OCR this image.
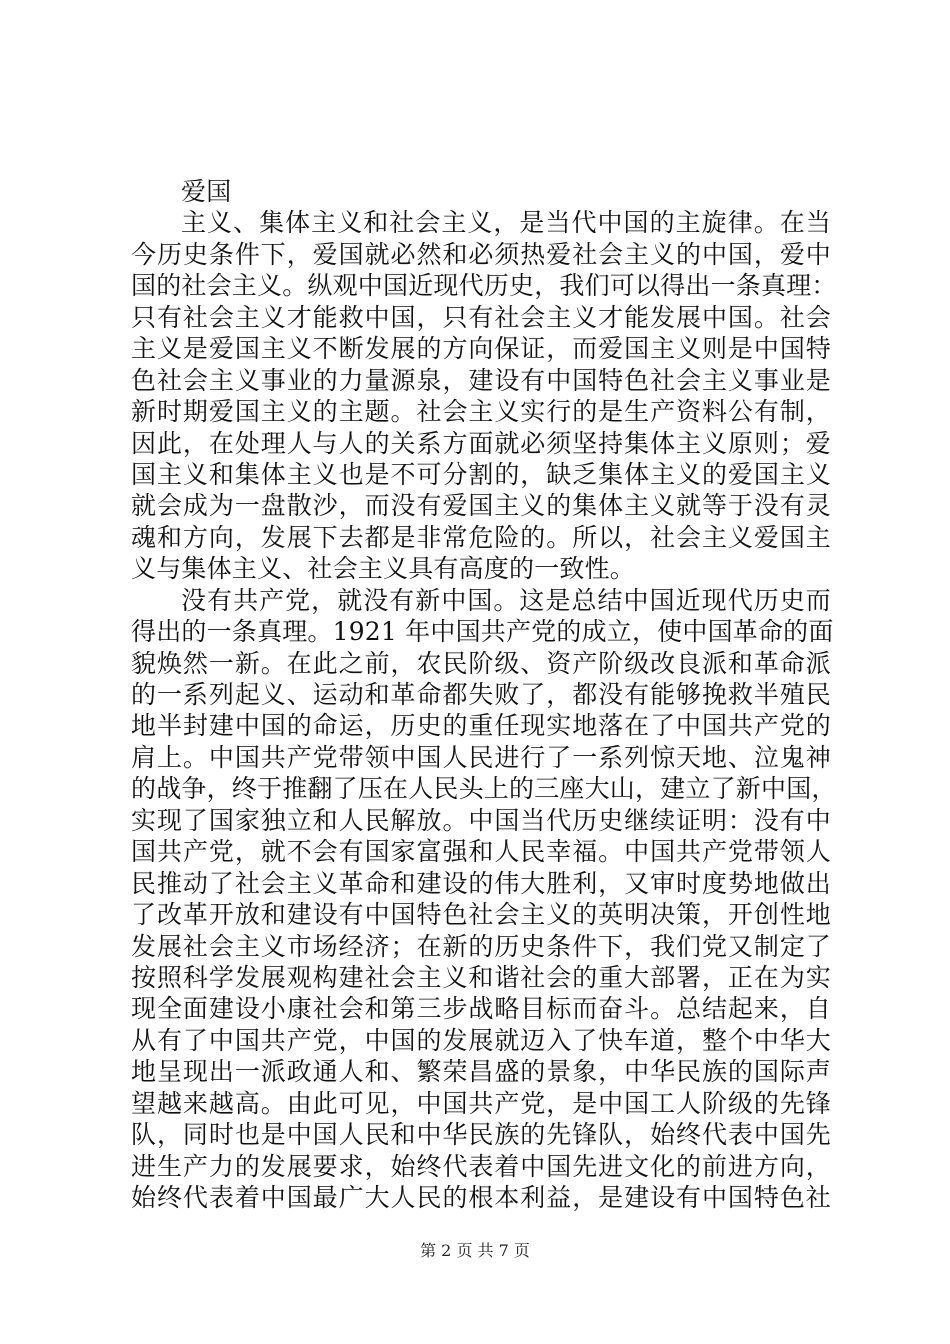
爱国
主义、集体主义和社会主义，是当代中国的主旋律。在当
今历史条件下，爱国就必然和必须热爱社会主义的中国，爱中
国的社会主义。纵观中国近现代历史，我们可以得出一条真理：
只有社会主义才能救中国，只有社会主义才能发展中国。社会
主义是爱国主义不断发展的方向保证，而爱国主义则是中国特
色社会主义事业的力量源泉，建设有中国特色社会主义事业是
新时期爱国主义的主题。社会主义实行的是生产资料公有制，
因此，在处理人与人的关系方面就必须坚持集体主义原则；爱
国主义和集体主义也是不可分割的，缺乏集体主义的爱国主义
就会成为一盘散沙，而没有爱国主义的集体主义就等于没有灵
魂和方向，发展下去都是非常危险的。所以，社会主义爱国主
义与集体主义、社会主义具有高度的一致性。
没有共产党，就没有新中国。这是总结中国近现代历史而
得出的一条真理。1921 年中国共产党的成立，使中国革命的面
貌焕然一新。在此之前，农民阶级、资产阶级改良派和革命派
的一系列起义、运动和革命都失败了，都没有能够挽救半殖民
地半封建中国的命运，历史的重任现实地落在了中国共产党的
肩上。中国共产党带领中国人民进行了一系列惊天地、泣鬼神
的战争，终于推翻了压在人民头上的三座大山，建立了新中国，
实现了国家独立和人民解放。中国当代历史继续证明：没有中
国共产党，就不会有国家富强和人民幸福。中国共产党带领人
民推动了社会主义革命和建设的伟大胜利，又审时度势地做出
了改革开放和建设有中国特色社会主义的英明决策，开创性地
发展社会主义市场经济；在新的历史条件下，我们党又制定了
按照科学发展观构建社会主义和谐社会的重大部署，正在为实
现全面建设小康社会和第三步战略目标而奋斗。总结起来，自
从有了中国共产党，中国的发展就迈入了快车道，整个中华大
地呈现出一派政通人和、繁荣昌盛的景象，中华民族的国际声
望越来越高。由此可见，中国共产党，是中国工人阶级的先锋
队，同时也是中国人民和中华民族的先锋队，始终代表中国先
进生产力的发展要求，始终代表着中国先进文化的前进方向，
始终代表着中国最广大人民的根本利益，是建设有中国特色社
第 2 页 共 7 页
